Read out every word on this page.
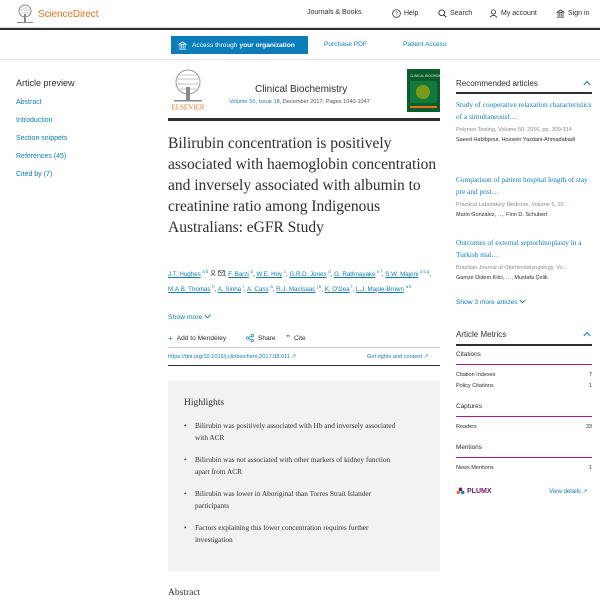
ScienceDirect	Journals & Books	? Help	Search	My account	Sign in
Access through your organization	Purchase PDF	Patient Access
Article preview
Abstract
Introduction
Section snippets
References (45)
Cited by (7)
ELSEVIER
Clinical Biochemistry
Volume 50, Issue 18, December 2017, Pages 1040-1047
CLINICAL BIOCHEMISTRY
Bilirubin concentration is positively associated with haemoglobin concentration and inversely associated with albumin to creatinine ratio among Indigenous Australians: eGFR Study
J.T. Hughes $^{a b}$	, F. Barzi $^d$, W.E. Hoy $^c$, G.R.D. Jones $^d$, G. Rathnayake $^{e f}$, S.W. Majoni $^{a b g}$, M.A.B. Thomas $^h$, A. Sinha $^i$, A. Cass $^a$, R.J. MacIsaac $^{j k}$, K. O'Dea $^l$, L.J. Maple-Brown $^{a b}$
Show more
+ Add to Mendeley	Share ” Cite
https://doi.org/10.1016/j.clinbiochem.2017.08.011 ↗	Get rights and content ↗
Highlights
•	Bilirubin was positively associated with Hb and inversely associated with ACR
•	Bilirubin was not associated with other markers of kidney function apart from ACR
•	Bilirubin was lower in Aboriginal than Torres Strait Islander participants
•	Factors explaining this lower concentration requires further investigation
Abstract
Recommended articles
Study of cooperative relaxation characteristics of a simultaneousl…
Polymer Testing, Volume 50, 2016, pp. 309-314
Saeed Habibpour, Hossein Yazdani-Ahmadabadi
Comparison of patient hospital length of stay pre and post…
Practical Laboratory Medicine, Volume 5, 20…
Mario Gonzalez, …, Finn D. Schubert
Outcomes of external septorhinoplasty in a Turkish mal…
Brazilian Journal of Otorhinolaryngology, Vo…
Gamze Didem Kilci, …, Mustafa Çelik
Show 3 more articles
Article Metrics
Citations
Citation Indexes	7
Policy Citations	1
Captures
Readers	33
Mentions
News Mentions	1
PLUMX	View details ↗
